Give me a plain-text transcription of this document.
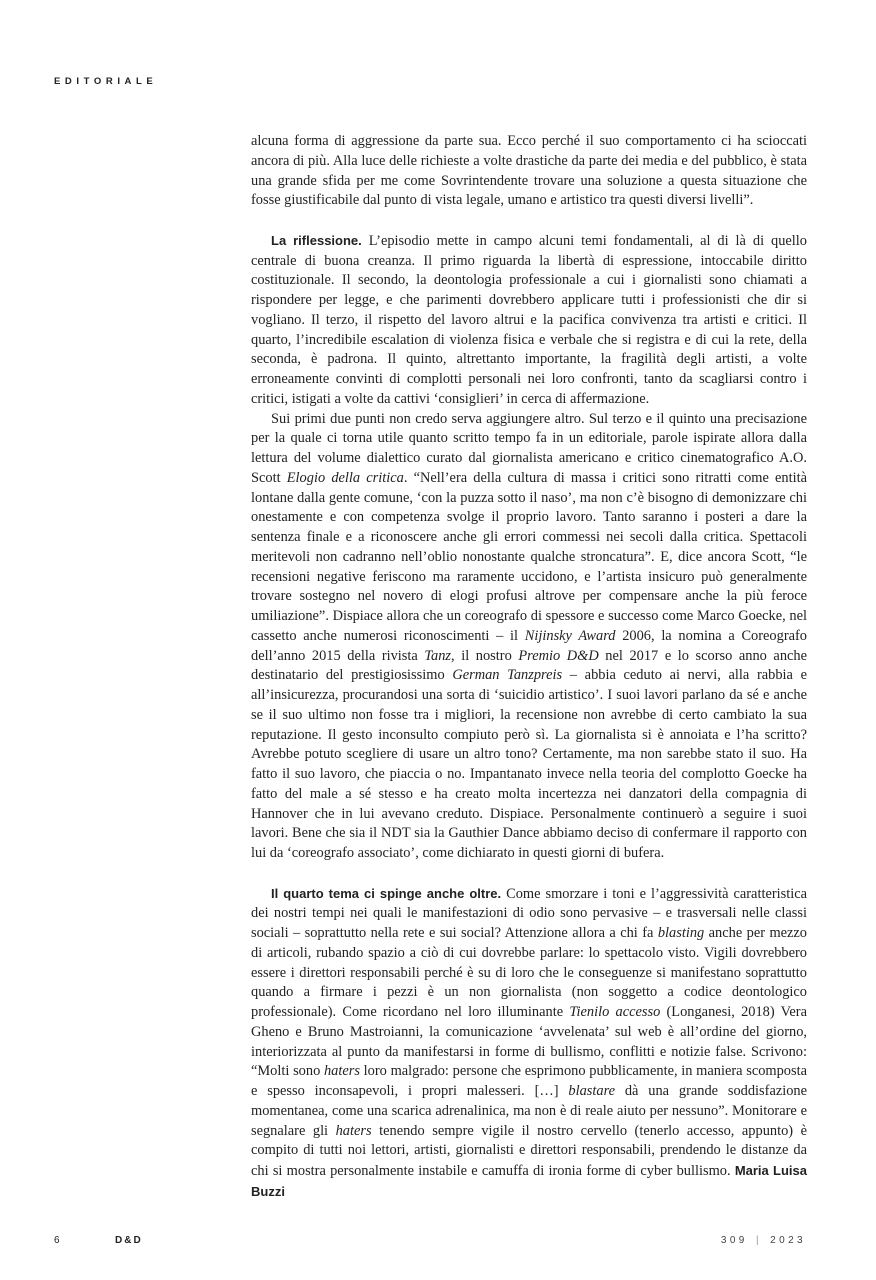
EDITORIALE

alcuna forma di aggressione da parte sua. Ecco perché il suo comportamento ci ha scioccati ancora di più. Alla luce delle richieste a volte drastiche da parte dei media e del pubblico, è stata una grande sfida per me come Sovrintendente trovare una soluzione a questa situazione che fosse giustificabile dal punto di vista legale, umano e artistico tra questi diversi livelli”.

La riflessione. L’episodio mette in campo alcuni temi fondamentali, al di là di quello centrale di buona creanza. Il primo riguarda la libertà di espressione, intoccabile diritto costituzionale. Il secondo, la deontologia professionale a cui i giornalisti sono chiamati a rispondere per legge, e che parimenti dovrebbero applicare tutti i professionisti che dir si vogliano. Il terzo, il rispetto del lavoro altrui e la pacifica convivenza tra artisti e critici. Il quarto, l’incredibile escalation di violenza fisica e verbale che si registra e di cui la rete, della seconda, è padrona. Il quinto, altrettanto importante, la fragilità degli artisti, a volte erroneamente convinti di complotti personali nei loro confronti, tanto da scagliarsi contro i critici, istigati a volte da cattivi ‘consiglieri’ in cerca di affermazione.

Sui primi due punti non credo serva aggiungere altro. Sul terzo e il quinto una precisazione per la quale ci torna utile quanto scritto tempo fa in un editoriale, parole ispirate allora dalla lettura del volume dialettico curato dal giornalista americano e critico cinematografico A.O. Scott Elogio della critica. “Nell’era della cultura di massa i critici sono ritratti come entità lontane dalla gente comune, ‘con la puzza sotto il naso’, ma non c’è bisogno di demonizzare chi onestamente e con competenza svolge il proprio lavoro. Tanto saranno i posteri a dare la sentenza finale e a riconoscere anche gli errori commessi nei secoli dalla critica. Spettacoli meritevoli non cadranno nell’oblio nonostante qualche stroncatura”. E, dice ancora Scott, “le recensioni negative feriscono ma raramente uccidono, e l’artista insicuro può generalmente trovare sostegno nel novero di elogi profusi altrove per compensare anche la più feroce umiliazione”. Dispiace allora che un coreografo di spessore e successo come Marco Goecke, nel cassetto anche numerosi riconoscimenti – il Nijinsky Award 2006, la nomina a Coreografo dell’anno 2015 della rivista Tanz, il nostro Premio D&D nel 2017 e lo scorso anno anche destinatario del prestigiosissimo German Tanzpreis – abbia ceduto ai nervi, alla rabbia e all’insicurezza, procurandosi una sorta di ‘suicidio artistico’. I suoi lavori parlano da sé e anche se il suo ultimo non fosse tra i migliori, la recensione non avrebbe di certo cambiato la sua reputazione. Il gesto inconsulto compiuto però sì. La giornalista si è annoiata e l’ha scritto? Avrebbe potuto scegliere di usare un altro tono? Certamente, ma non sarebbe stato il suo. Ha fatto il suo lavoro, che piaccia o no. Impantanato invece nella teoria del complotto Goecke ha fatto del male a sé stesso e ha creato molta incertezza nei danzatori della compagnia di Hannover che in lui avevano creduto. Dispiace. Personalmente continuerò a seguire i suoi lavori. Bene che sia il NDT sia la Gauthier Dance abbiamo deciso di confermare il rapporto con lui da ‘coreografo associato’, come dichiarato in questi giorni di bufera.

Il quarto tema ci spinge anche oltre. Come smorzare i toni e l’aggressività caratteristica dei nostri tempi nei quali le manifestazioni di odio sono pervasive – e trasversali nelle classi sociali – soprattutto nella rete e sui social? Attenzione allora a chi fa blasting anche per mezzo di articoli, rubando spazio a ciò di cui dovrebbe parlare: lo spettacolo visto. Vigili dovrebbero essere i direttori responsabili perché è su di loro che le conseguenze si manifestano soprattutto quando a firmare i pezzi è un non giornalista (non soggetto a codice deontologico professionale). Come ricordano nel loro illuminante Tienilo accesso (Longanesi, 2018) Vera Gheno e Bruno Mastroianni, la comunicazione ‘avvelenata’ sul web è all’ordine del giorno, interiorizzata al punto da manifestarsi in forme di bullismo, conflitti e notizie false. Scrivono: “Molti sono haters loro malgrado: persone che esprimono pubblicamente, in maniera scomposta e spesso inconsapevoli, i propri malesseri. […] blastare dà una grande soddisfazione momentanea, come una scarica adrenalinica, ma non è di reale aiuto per nessuno”. Monitorare e segnalare gli haters tenendo sempre vigile il nostro cervello (tenerlo accesso, appunto) è compito di tutti noi lettori, artisti, giornalisti e direttori responsabili, prendendo le distanze da chi si mostra personalmente instabile e camuffa di ironia forme di cyber bullismo. Maria Luisa Buzzi

6	D&D	309 | 2023
